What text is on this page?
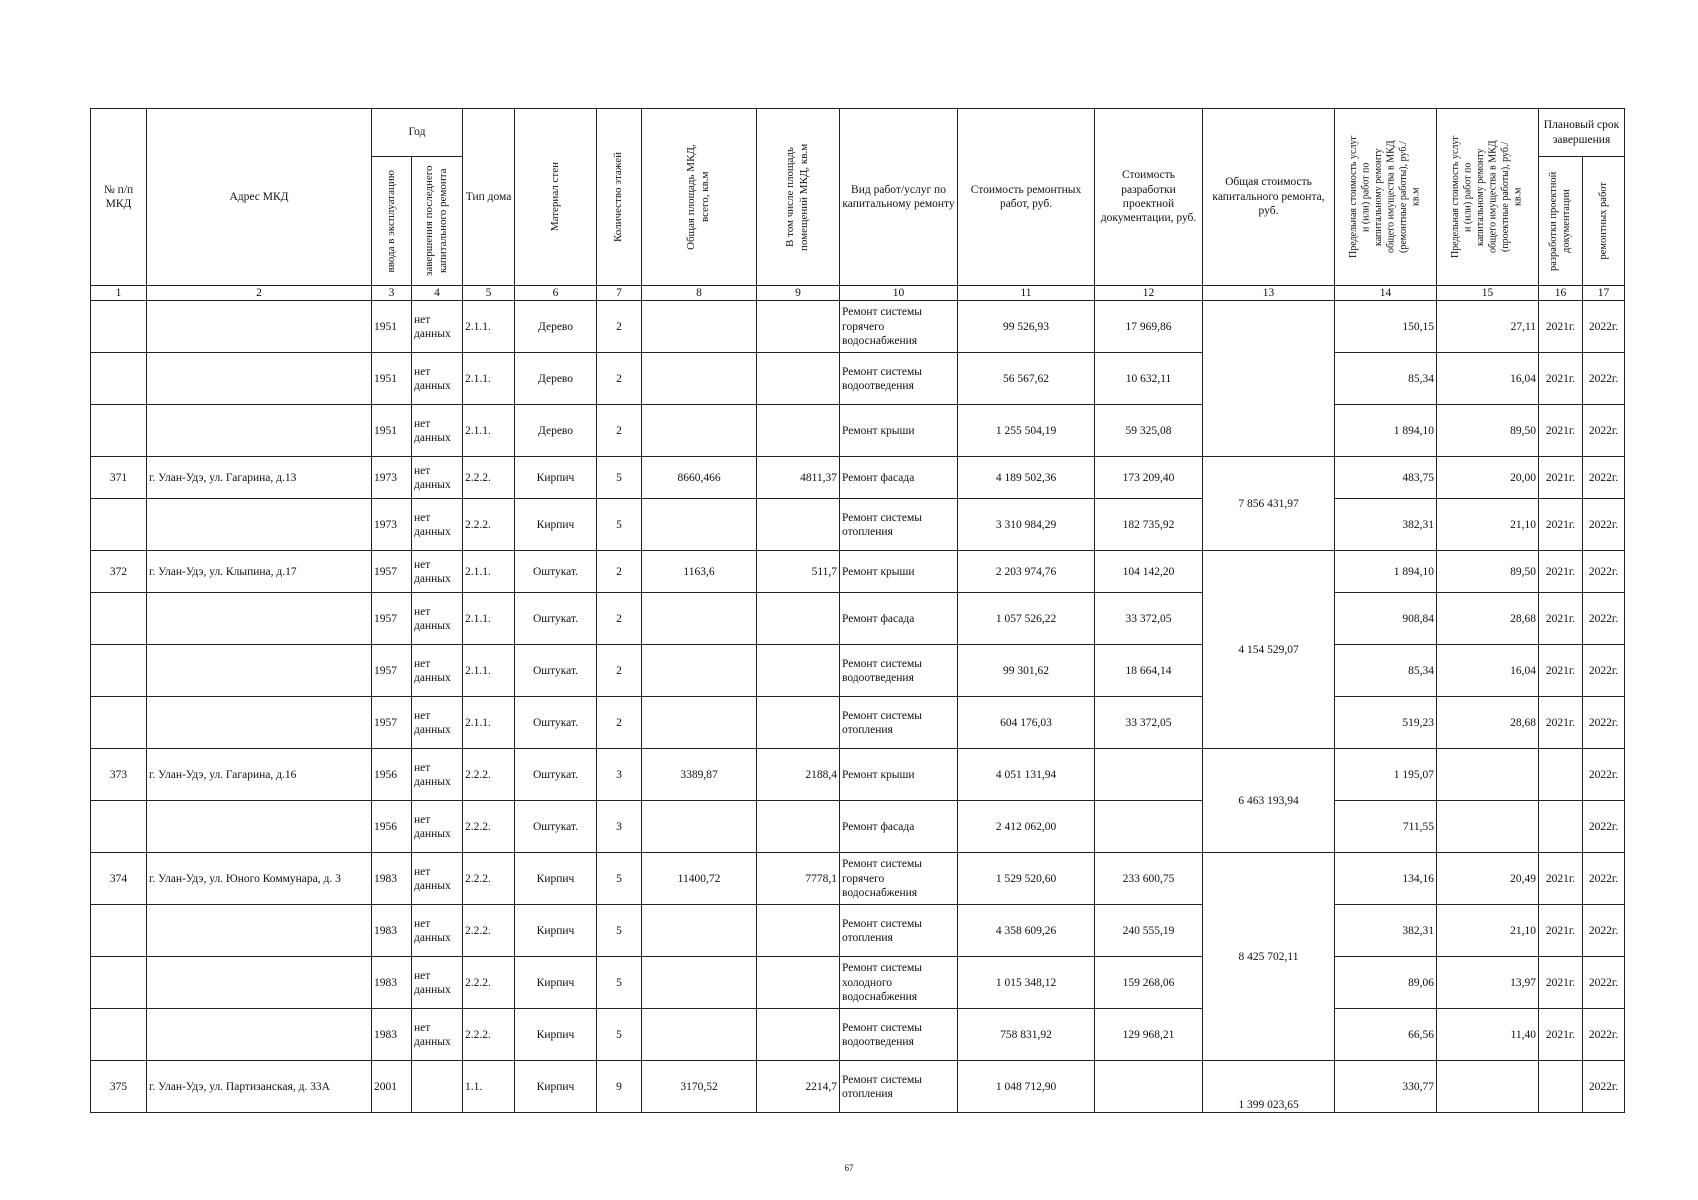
№ п/п МКД	Адрес МКД	Год		Тип дома	Материал стен	Количество этажей	Общая площадь МКД, всего, кв.м	В том числе площадь помещений МКД, кв.м	Вид работ/услуг по капитальному ремонту	Стоимость ремонтных работ, руб.	Стоимость разработки проектной документации, руб.	Общая стоимость капитального ремонта, руб.	Предельная стоимость услуг и (или) работ по капитальному ремонту общего имущества в МКД (ремонтные работы), руб./кв.м	Предельная стоимость услуг и (или) работ по капитальному ремонту общего имущества в МКД (проектные работы), руб./кв.м	Плановый срок завершения	

		ввода в эксплуатацию	завершения последнего капитального ремонта												разработки проектной документации	ремонтных работ

1	2	3	4	5	6	7	8	9	10	11	12	13	14	15	16	17
		1951	нет данных	2.1.1.	Дерево	2			Ремонт системы горячего водоснабжения	99 526,93	17 969,86		150,15	27,11	2021г.	2022г.
		1951	нет данных	2.1.1.	Дерево	2			Ремонт системы водоотведения	56 567,62	10 632,11		85,34	16,04	2021г.	2022г.
		1951	нет данных	2.1.1.	Дерево	2			Ремонт крыши	1 255 504,19	59 325,08		1 894,10	89,50	2021г.	2022г.
371	г. Улан-Удэ, ул. Гагарина, д.13	1973	нет данных	2.2.2.	Кирпич	5	8660,466	4811,37	Ремонт фасада	4 189 502,36	173 209,40	7 856 431,97	483,75	20,00	2021г.	2022г.
		1973	нет данных	2.2.2.	Кирпич	5			Ремонт системы отопления	3 310 984,29	182 735,92		382,31	21,10	2021г.	2022г.
372	г. Улан-Удэ, ул. Клыпина, д.17	1957	нет данных	2.1.1.	Оштукат.	2	1163,6	511,7	Ремонт крыши	2 203 974,76	104 142,20	4 154 529,07	1 894,10	89,50	2021г.	2022г.
		1957	нет данных	2.1.1.	Оштукат.	2			Ремонт фасада	1 057 526,22	33 372,05		908,84	28,68	2021г.	2022г.
		1957	нет данных	2.1.1.	Оштукат.	2			Ремонт системы водоотведения	99 301,62	18 664,14		85,34	16,04	2021г.	2022г.
		1957	нет данных	2.1.1.	Оштукат.	2			Ремонт системы отопления	604 176,03	33 372,05		519,23	28,68	2021г.	2022г.
373	г. Улан-Удэ, ул. Гагарина, д.16	1956	нет данных	2.2.2.	Оштукат.	3	3389,87	2188,4	Ремонт крыши	4 051 131,94		6 463 193,94	1 195,07			2022г.
		1956	нет данных	2.2.2.	Оштукат.	3			Ремонт фасада	2 412 062,00			711,55			2022г.
374	г. Улан-Удэ, ул. Юного Коммунара, д. 3	1983	нет данных	2.2.2.	Кирпич	5	11400,72	7778,1	Ремонт системы горячего водоснабжения	1 529 520,60	233 600,75	8 425 702,11	134,16	20,49	2021г.	2022г.
		1983	нет данных	2.2.2.	Кирпич	5			Ремонт системы отопления	4 358 609,26	240 555,19		382,31	21,10	2021г.	2022г.
		1983	нет данных	2.2.2.	Кирпич	5			Ремонт системы холодного водоснабжения	1 015 348,12	159 268,06		89,06	13,97	2021г.	2022г.
		1983	нет данных	2.2.2.	Кирпич	5			Ремонт системы водоотведения	758 831,92	129 968,21		66,56	11,40	2021г.	2022г.
375	г. Улан-Удэ, ул. Партизанская, д. 33А	2001		1.1.	Кирпич	9	3170,52	2214,7	Ремонт системы отопления	1 048 712,90		1 399 023,65	330,77			2022г.
67
